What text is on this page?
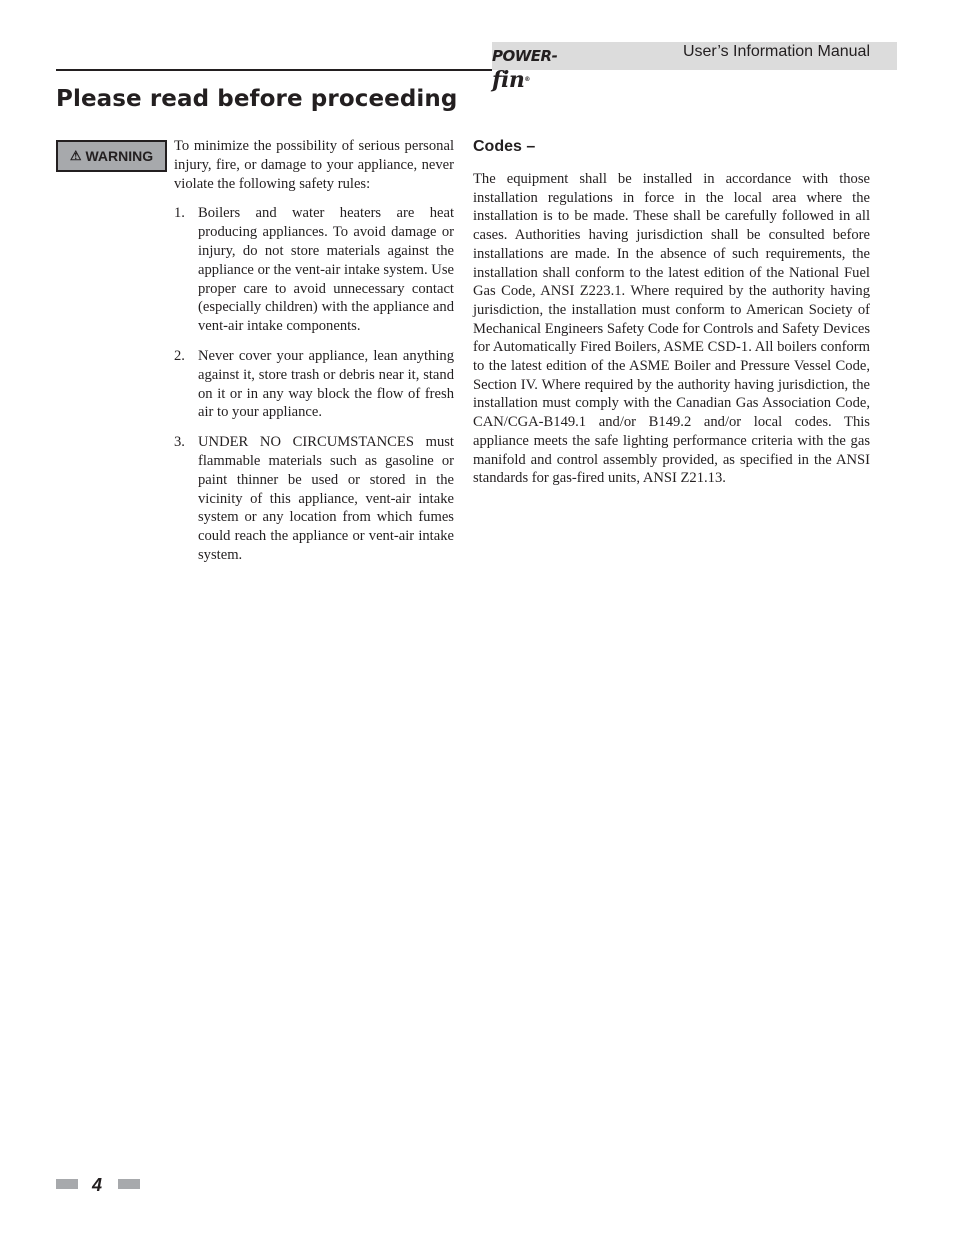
POWER-fin®
User’s Information Manual
Please read before proceeding
⚠ WARNING

To minimize the possibility of serious personal injury, fire, or damage to your appliance, never violate the following safety rules:

1. Boilers and water heaters are heat producing appliances. To avoid damage or injury, do not store materials against the appliance or the vent-air intake system. Use proper care to avoid unnecessary contact (especially children) with the appliance and vent-air intake components.
2. Never cover your appliance, lean anything against it, store trash or debris near it, stand on it or in any way block the flow of fresh air to your appliance.
3. UNDER NO CIRCUMSTANCES must flammable materials such as gasoline or paint thinner be used or stored in the vicinity of this appliance, vent-air intake system or any location from which fumes could reach the appliance or vent-air intake system.
Codes –

The equipment shall be installed in accordance with those installation regulations in force in the local area where the installation is to be made. These shall be carefully followed in all cases. Authorities having jurisdiction shall be consulted before installations are made. In the absence of such requirements, the installation shall conform to the latest edition of the National Fuel Gas Code, ANSI Z223.1. Where required by the authority having jurisdiction, the installation must conform to American Society of Mechanical Engineers Safety Code for Controls and Safety Devices for Automatically Fired Boilers, ASME CSD-1. All boilers conform to the latest edition of the ASME Boiler and Pressure Vessel Code, Section IV. Where required by the authority having jurisdiction, the installation must comply with the Canadian Gas Association Code, CAN/CGA-B149.1 and/or B149.2 and/or local codes. This appliance meets the safe lighting performance criteria with the gas manifold and control assembly provided, as specified in the ANSI standards for gas-fired units, ANSI Z21.13.

4
